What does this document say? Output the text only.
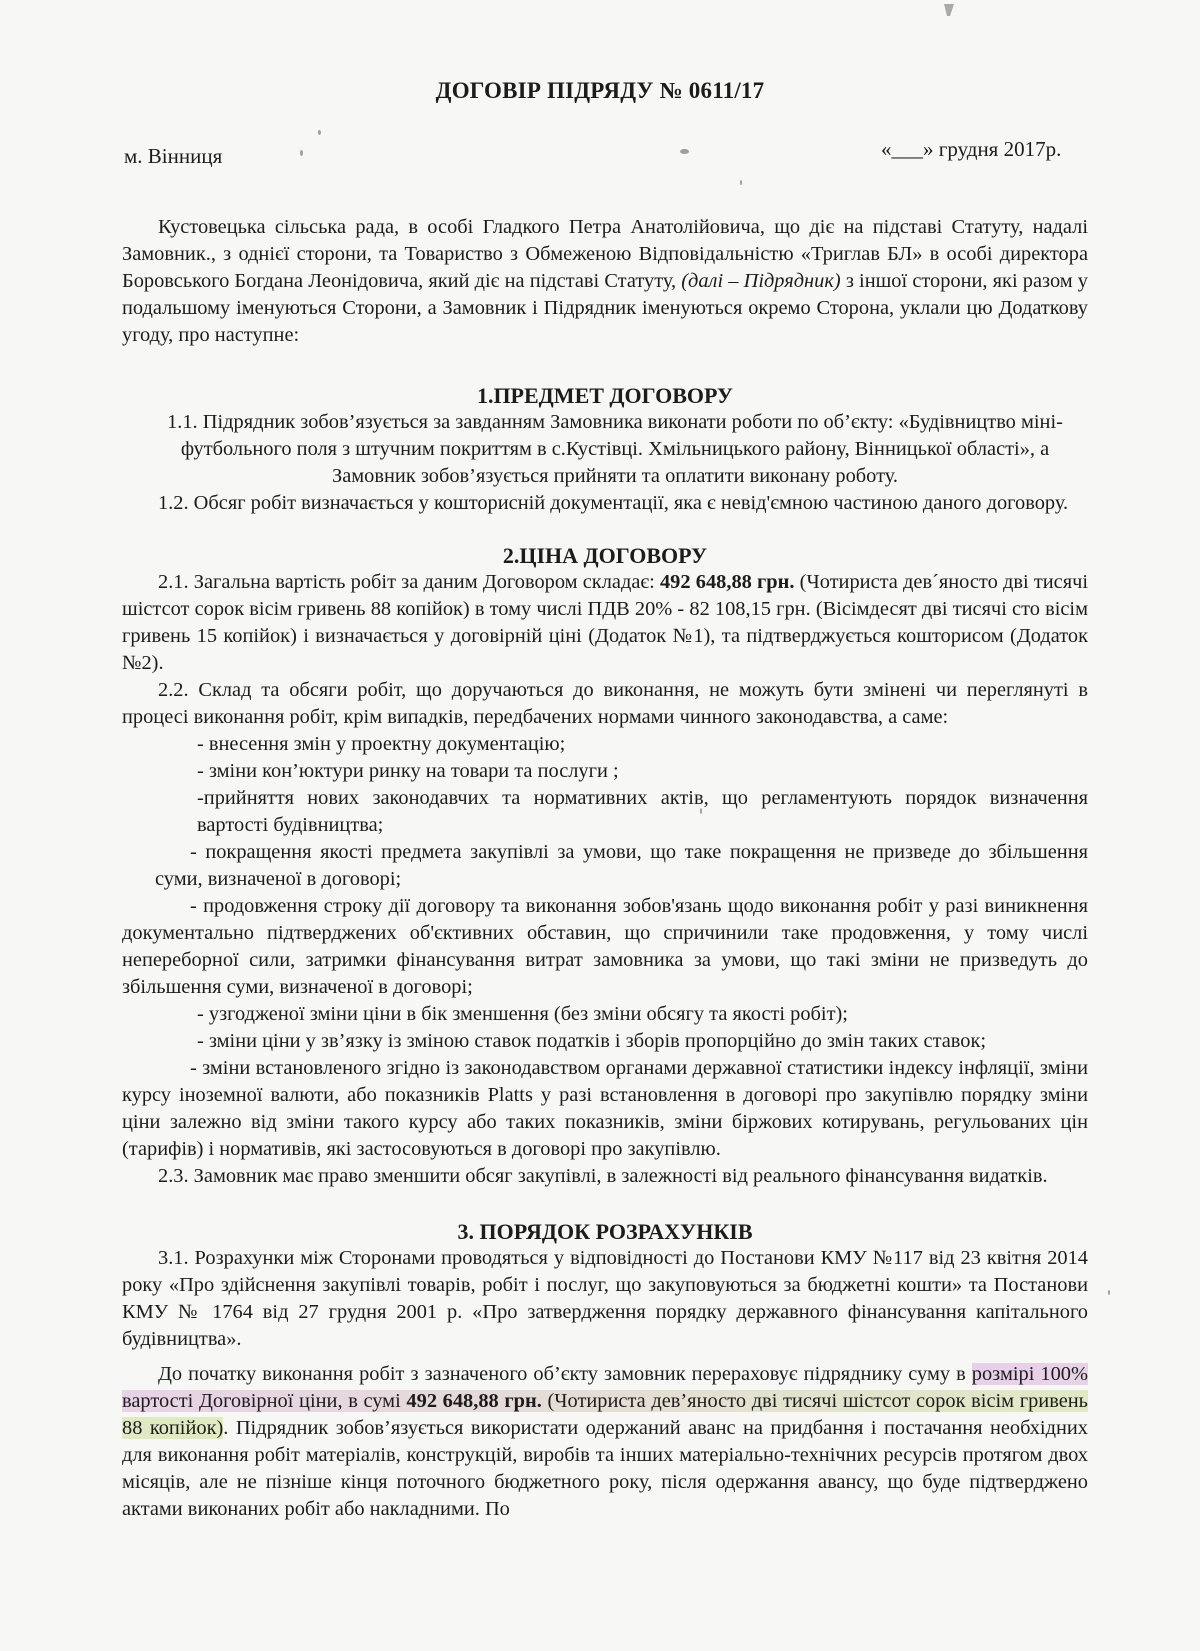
ДОГОВІР ПІДРЯДУ № 0611/17
м. Вінниця	«___» грудня 2017р.

Кустовецька сільська рада, в особі Гладкого Петра Анатолійовича, що діє на підставі Статуту, надалі Замовник., з однієї сторони, та Товариство з Обмеженою Відповідальністю «Триглав БЛ» в особі директора Боровського Богдана Леонідовича, який діє на підставі Статуту, (далі – Підрядник) з іншої сторони, які разом у подальшому іменуються Сторони, а Замовник і Підрядник іменуються окремо Сторона, уклали цю Додаткову угоду, про наступне:

1.ПРЕДМЕТ ДОГОВОРУ

1.1. Підрядник зобов’язується за завданням Замовника виконати роботи по об’єкту: «Будівництво міні-футбольного поля з штучним покриттям в с.Кустівці. Хмільницького району, Вінницької області», а Замовник зобов’язується прийняти та оплатити виконану роботу.

1.2. Обсяг робіт визначається у кошторисній документації, яка є невід'ємною частиною даного договору.

2.ЦІНА ДОГОВОРУ

2.1. Загальна вартість робіт за даним Договором складає: 492 648,88 грн. (Чотириста дев´яносто дві тисячі шістсот сорок вісім гривень 88 копійок) в тому числі ПДВ 20% - 82 108,15 грн. (Вісімдесят дві тисячі сто вісім гривень 15 копійок) і визначається у договірній ціні (Додаток №1), та підтверджується кошторисом (Додаток №2).

2.2. Склад та обсяги робіт, що доручаються до виконання, не можуть бути змінені чи переглянуті в процесі виконання робіт, крім випадків, передбачених нормами чинного законодавства, а саме:

- внесення змін у проектну документацію;

- зміни кон’юктури ринку на товари та послуги ;

-прийняття нових законодавчих та нормативних актів, що регламентують порядок визначення вартості будівництва;

- покращення якості предмета закупівлі за умови, що таке покращення не призведе до збільшення суми, визначеної в договорі;

- продовження строку дії договору та виконання зобов'язань щодо виконання робіт у разі виникнення документально підтверджених об'єктивних обставин, що спричинили таке продовження, у тому числі непереборної сили, затримки фінансування витрат замовника за умови, що такі зміни не призведуть до збільшення суми, визначеної в договорі;

- узгодженої зміни ціни в бік зменшення (без зміни обсягу та якості робіт);

- зміни ціни у зв’язку із зміною ставок податків і зборів пропорційно до змін таких ставок;

- зміни встановленого згідно із законодавством органами державної статистики індексу інфляції, зміни курсу іноземної валюти, або показників Platts у разі встановлення в договорі про закупівлю порядку зміни ціни залежно від зміни такого курсу або таких показників, зміни біржових котирувань, регульованих цін (тарифів) і нормативів, які застосовуються в договорі про закупівлю.

2.3. Замовник має право зменшити обсяг закупівлі, в залежності від реального фінансування видатків.

3. ПОРЯДОК РОЗРАХУНКІВ

3.1. Розрахунки між Сторонами проводяться у відповідності до Постанови КМУ №117 від 23 квітня 2014 року «Про здійснення закупівлі товарів, робіт і послуг, що закуповуються за бюджетні кошти» та Постанови КМУ № 1764 від 27 грудня 2001 р. «Про затвердження порядку державного фінансування капітального будівництва».

До початку виконання робіт з зазначеного об’єкту замовник перераховує підряднику суму в розмірі 100% вартості Договірної ціни, в сумі 492 648,88 грн. (Чотириста дев’яносто дві тисячі шістсот сорок вісім гривень 88 копійок). Підрядник зобов’язується використати одержаний аванс на придбання і постачання необхідних для виконання робіт матеріалів, конструкцій, виробів та інших матеріально-технічних ресурсів протягом двох місяців, але не пізніше кінця поточного бюджетного року, після одержання авансу, що буде підтверджено актами виконаних робіт або накладними. По
